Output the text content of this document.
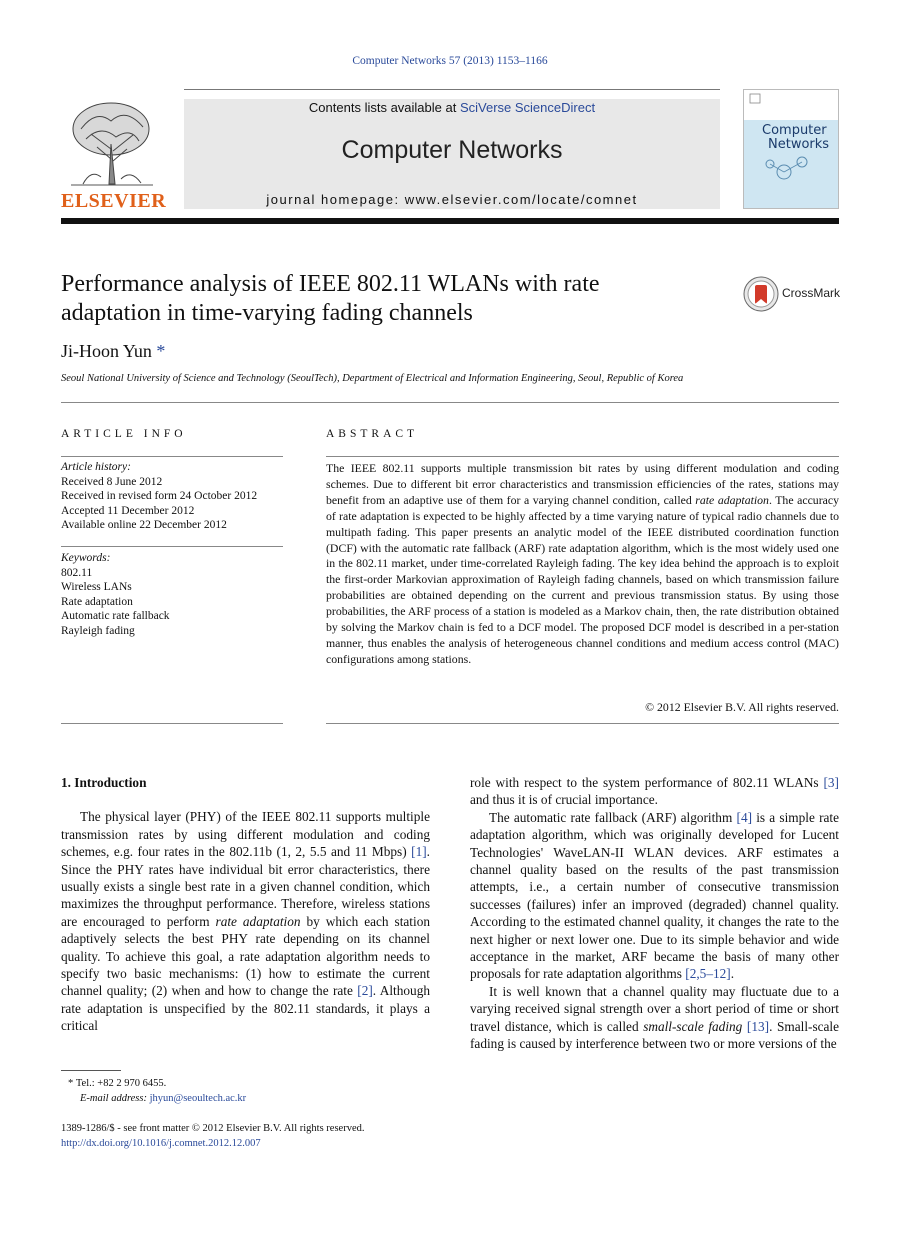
Computer Networks 57 (2013) 1153–1166
ELSEVIER
Contents lists available at SciVerse ScienceDirect
Computer Networks
journal homepage: www.elsevier.com/locate/comnet
Computer
Networks
Performance analysis of IEEE 802.11 WLANs with rate adaptation in time-varying fading channels
CrossMark
Ji-Hoon Yun *
Seoul National University of Science and Technology (SeoulTech), Department of Electrical and Information Engineering, Seoul, Republic of Korea
ARTICLE INFO	ABSTRACT
Article history:
Received 8 June 2012
Received in revised form 24 October 2012
Accepted 11 December 2012
Available online 22 December 2012
Keywords:
802.11
Wireless LANs
Rate adaptation
Automatic rate fallback
Rayleigh fading
The IEEE 802.11 supports multiple transmission bit rates by using different modulation and coding schemes. Due to different bit error characteristics and transmission efficiencies of the rates, stations may benefit from an adaptive use of them for a varying channel condition, called rate adaptation. The accuracy of rate adaptation is expected to be highly affected by a time varying nature of typical radio channels due to multipath fading. This paper presents an analytic model of the IEEE distributed coordination function (DCF) with the automatic rate fallback (ARF) rate adaptation algorithm, which is the most widely used one in the 802.11 market, under time-correlated Rayleigh fading. The key idea behind the approach is to exploit the first-order Markovian approximation of Rayleigh fading channels, based on which transmission failure probabilities are obtained depending on the current and previous transmission status. By using those probabilities, the ARF process of a station is modeled as a Markov chain, then, the rate distribution obtained by solving the Markov chain is fed to a DCF model. The proposed DCF model is described in a per-station manner, thus enables the analysis of heterogeneous channel conditions and medium access control (MAC) configurations among stations.
© 2012 Elsevier B.V. All rights reserved.
1. Introduction

The physical layer (PHY) of the IEEE 802.11 supports multiple transmission rates by using different modulation and coding schemes, e.g. four rates in the 802.11b (1, 2, 5.5 and 11 Mbps) [1]. Since the PHY rates have individual bit error characteristics, there usually exists a single best rate in a given channel condition, which maximizes the throughput performance. Therefore, wireless stations are encouraged to perform rate adaptation by which each station adaptively selects the best PHY rate depending on its channel quality. To achieve this goal, a rate adaptation algorithm needs to specify two basic mechanisms: (1) how to estimate the current channel quality; (2) when and how to change the rate [2]. Although rate adaptation is unspecified by the 802.11 standards, it plays a critical

role with respect to the system performance of 802.11 WLANs [3] and thus it is of crucial importance.

The automatic rate fallback (ARF) algorithm [4] is a simple rate adaptation algorithm, which was originally developed for Lucent Technologies' WaveLAN-II WLAN devices. ARF estimates a channel quality based on the results of the past transmission attempts, i.e., a certain number of consecutive transmission successes (failures) infer an improved (degraded) channel quality. According to the estimated channel quality, it changes the rate to the next higher or next lower one. Due to its simple behavior and wide acceptance in the market, ARF became the basis of many other proposals for rate adaptation algorithms [2,5–12].

It is well known that a channel quality may fluctuate due to a varying received signal strength over a short period of time or short travel distance, which is called small-scale fading [13]. Small-scale fading is caused by interference between two or more versions of the

* Tel.: +82 2 970 6455.
E-mail address: jhyun@seoultech.ac.kr
1389-1286/$ - see front matter © 2012 Elsevier B.V. All rights reserved.
http://dx.doi.org/10.1016/j.comnet.2012.12.007
